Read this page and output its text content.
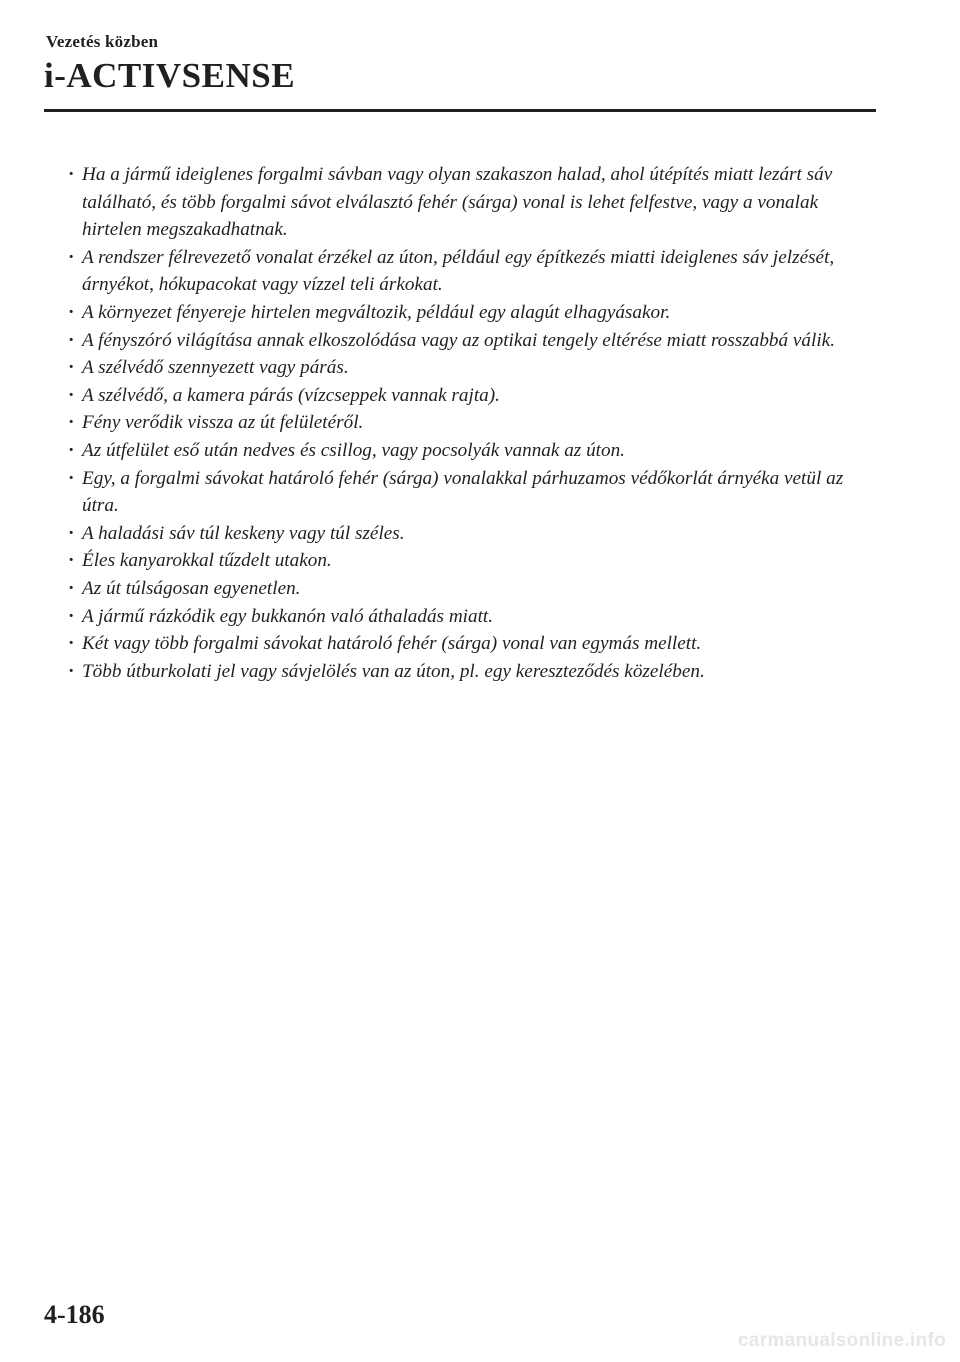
Vezetés közben
i-ACTIVSENSE
· Ha a jármű ideiglenes forgalmi sávban vagy olyan szakaszon halad, ahol útépítés miatt lezárt sáv található, és több forgalmi sávot elválasztó fehér (sárga) vonal is lehet felfestve, vagy a vonalak hirtelen megszakadhatnak.
· A rendszer félrevezető vonalat érzékel az úton, például egy építkezés miatti ideiglenes sáv jelzését, árnyékot, hókupacokat vagy vízzel teli árkokat.
· A környezet fényereje hirtelen megváltozik, például egy alagút elhagyásakor.
· A fényszóró világítása annak elkoszolódása vagy az optikai tengely eltérése miatt rosszabbá válik.
· A szélvédő szennyezett vagy párás.
· A szélvédő, a kamera párás (vízcseppek vannak rajta).
· Fény verődik vissza az út felületéről.
· Az útfelület eső után nedves és csillog, vagy pocsolyák vannak az úton.
· Egy, a forgalmi sávokat határoló fehér (sárga) vonalakkal párhuzamos védőkorlát árnyéka vetül az útra.
· A haladási sáv túl keskeny vagy túl széles.
· Éles kanyarokkal tűzdelt utakon.
· Az út túlságosan egyenetlen.
· A jármű rázkódik egy bukkanón való áthaladás miatt.
· Két vagy több forgalmi sávokat határoló fehér (sárga) vonal van egymás mellett.
· Több útburkolati jel vagy sávjelölés van az úton, pl. egy kereszteződés közelében.
4-186
carmanualsonline.info
